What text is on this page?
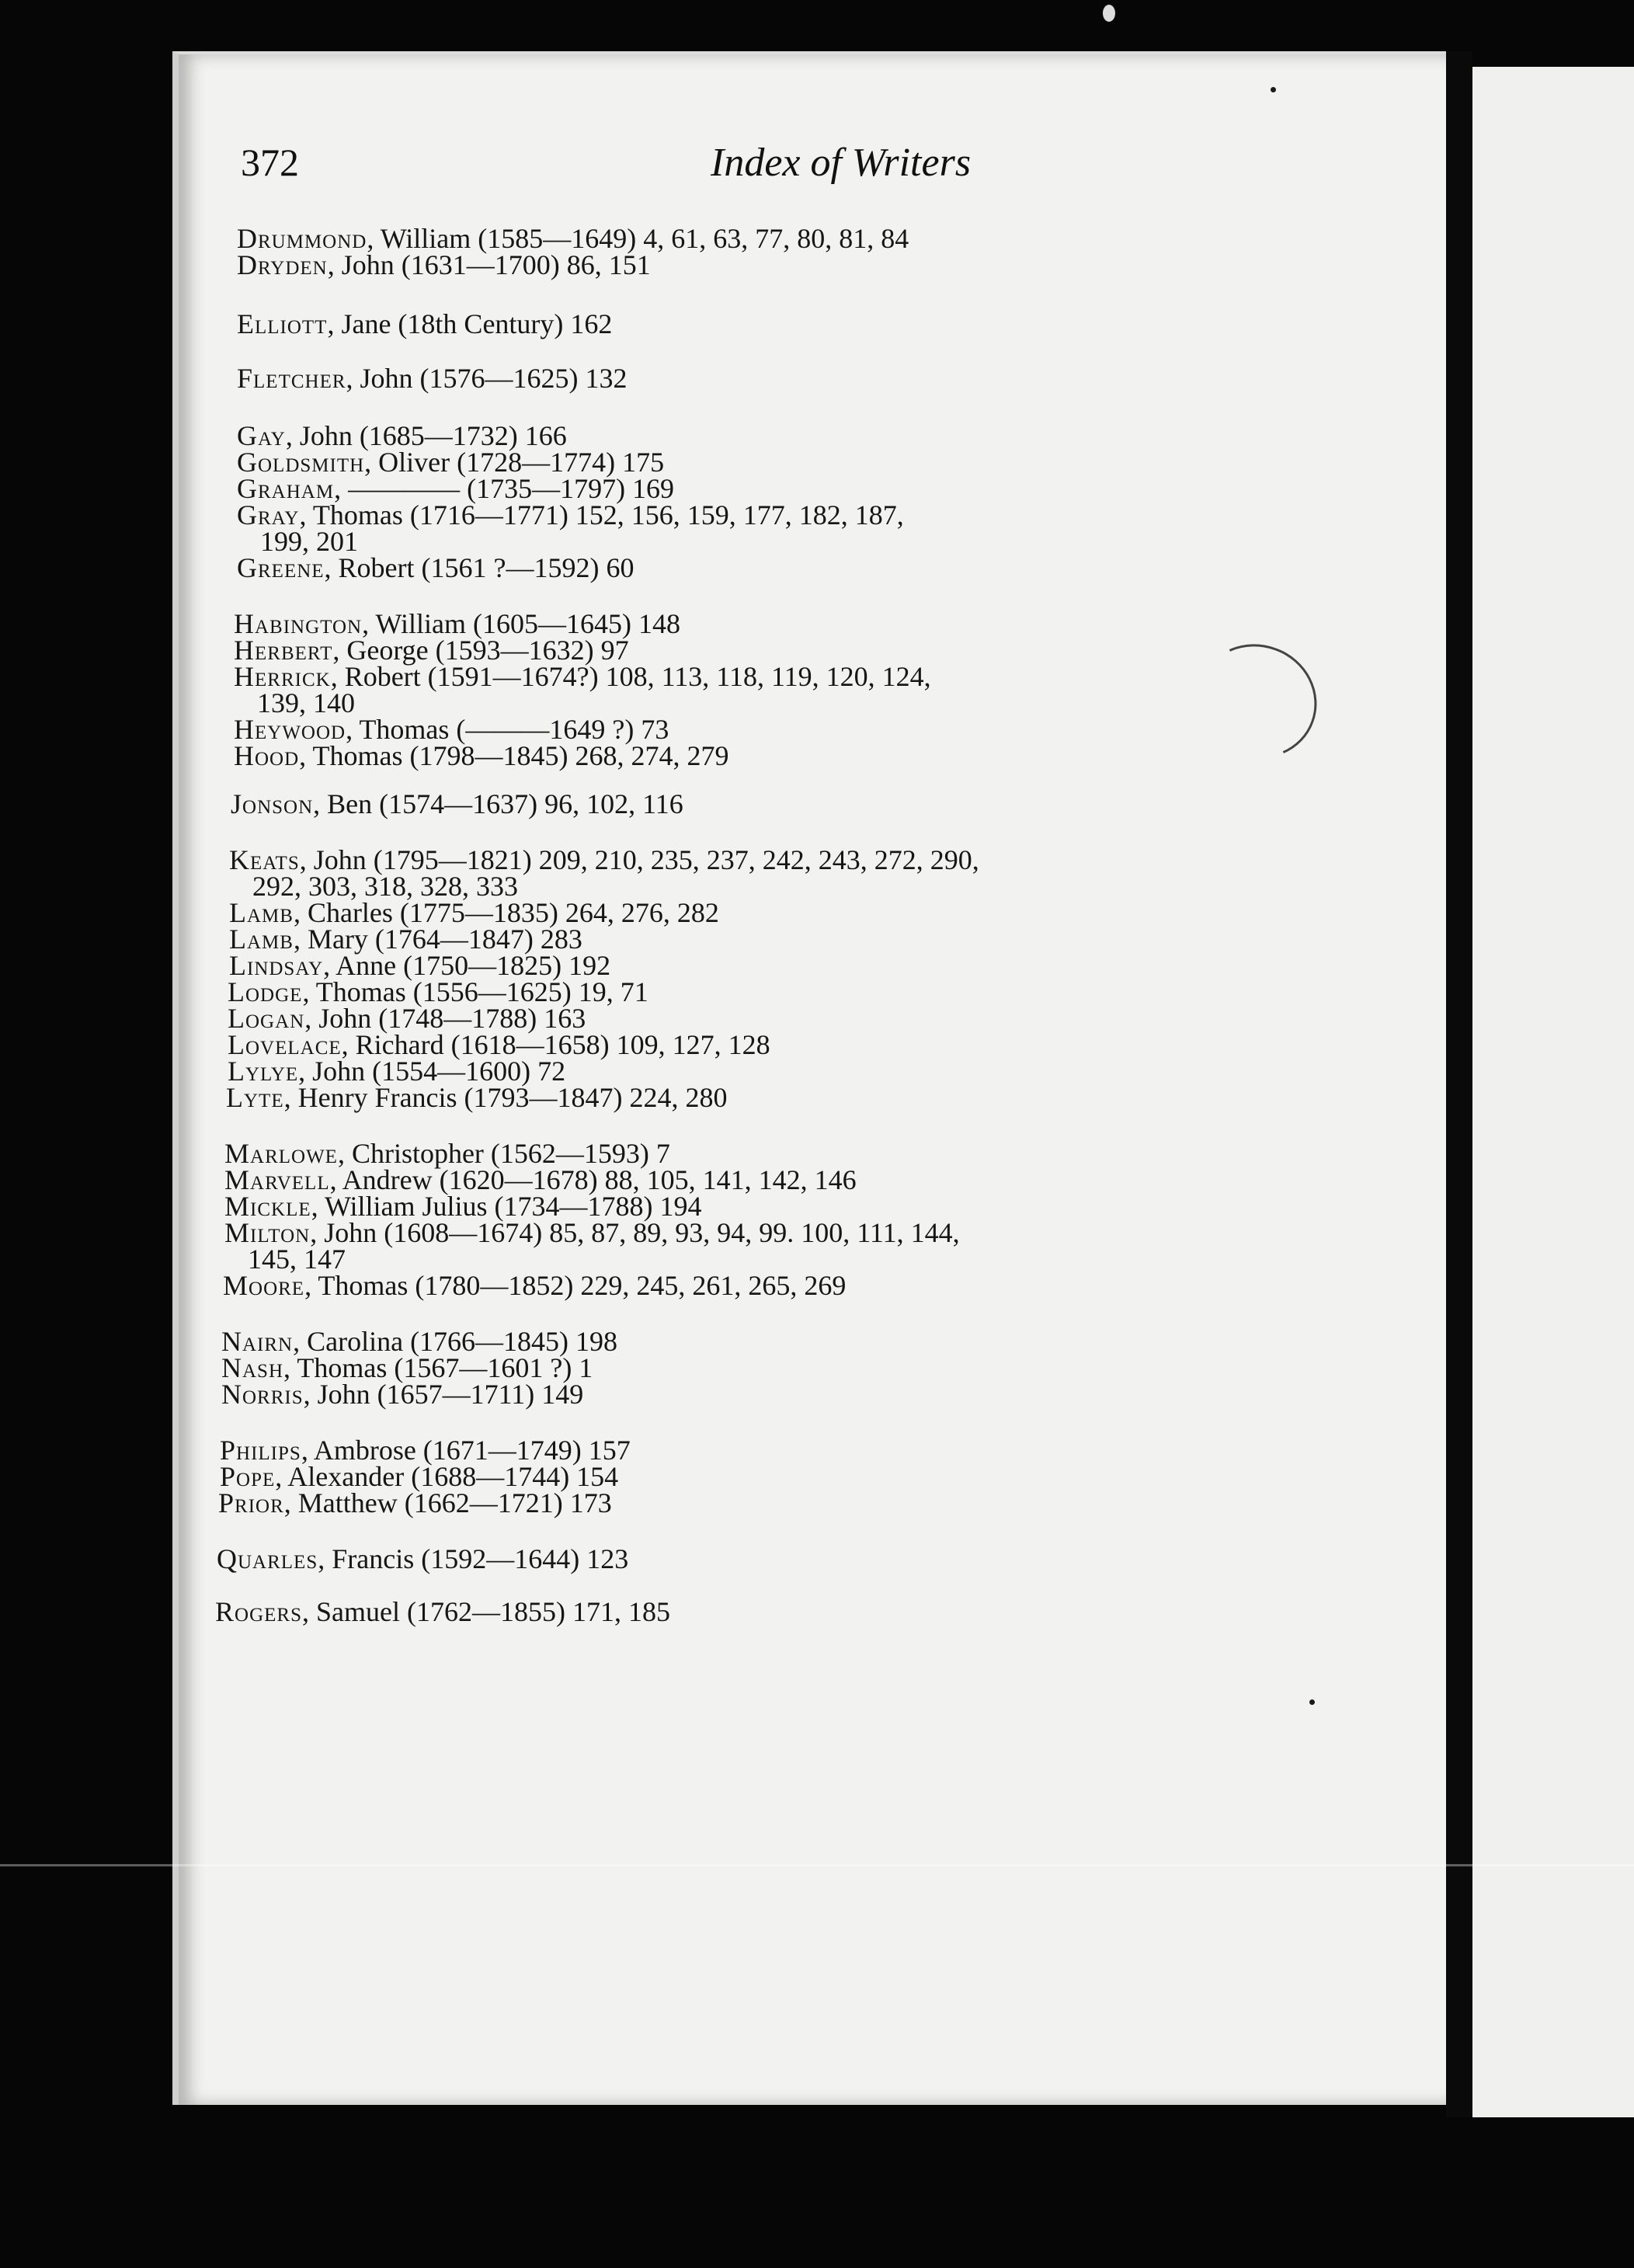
372	Index of Writers
Drummond, William (1585—1649) 4, 61, 63, 77, 80, 81, 84
Dryden, John (1631—1700) 86, 151
Elliott, Jane (18th Century) 162
Fletcher, John (1576—1625) 132
Gay, John (1685—1732) 166
Goldsmith, Oliver (1728—1774) 175
Graham, ———— (1735—1797) 169
Gray, Thomas (1716—1771) 152, 156, 159, 177, 182, 187,
199, 201
Greene, Robert (1561 ?—1592) 60
Habington, William (1605—1645) 148
Herbert, George (1593—1632) 97
Herrick, Robert (1591—1674?) 108, 113, 118, 119, 120, 124,
139, 140
Heywood, Thomas (———1649 ?) 73
Hood, Thomas (1798—1845) 268, 274, 279
Jonson, Ben (1574—1637) 96, 102, 116
Keats, John (1795—1821) 209, 210, 235, 237, 242, 243, 272, 290,
292, 303, 318, 328, 333
Lamb, Charles (1775—1835) 264, 276, 282
Lamb, Mary (1764—1847) 283
Lindsay, Anne (1750—1825) 192
Lodge, Thomas (1556—1625) 19, 71
Logan, John (1748—1788) 163
Lovelace, Richard (1618—1658) 109, 127, 128
Lylye, John (1554—1600) 72
Lyte, Henry Francis (1793—1847) 224, 280
Marlowe, Christopher (1562—1593) 7
Marvell, Andrew (1620—1678) 88, 105, 141, 142, 146
Mickle, William Julius (1734—1788) 194
Milton, John (1608—1674) 85, 87, 89, 93, 94, 99. 100, 111, 144,
145, 147
Moore, Thomas (1780—1852) 229, 245, 261, 265, 269
Nairn, Carolina (1766—1845) 198
Nash, Thomas (1567—1601 ?) 1
Norris, John (1657—1711) 149
Philips, Ambrose (1671—1749) 157
Pope, Alexander (1688—1744) 154
Prior, Matthew (1662—1721) 173
Quarles, Francis (1592—1644) 123
Rogers, Samuel (1762—1855) 171, 185
